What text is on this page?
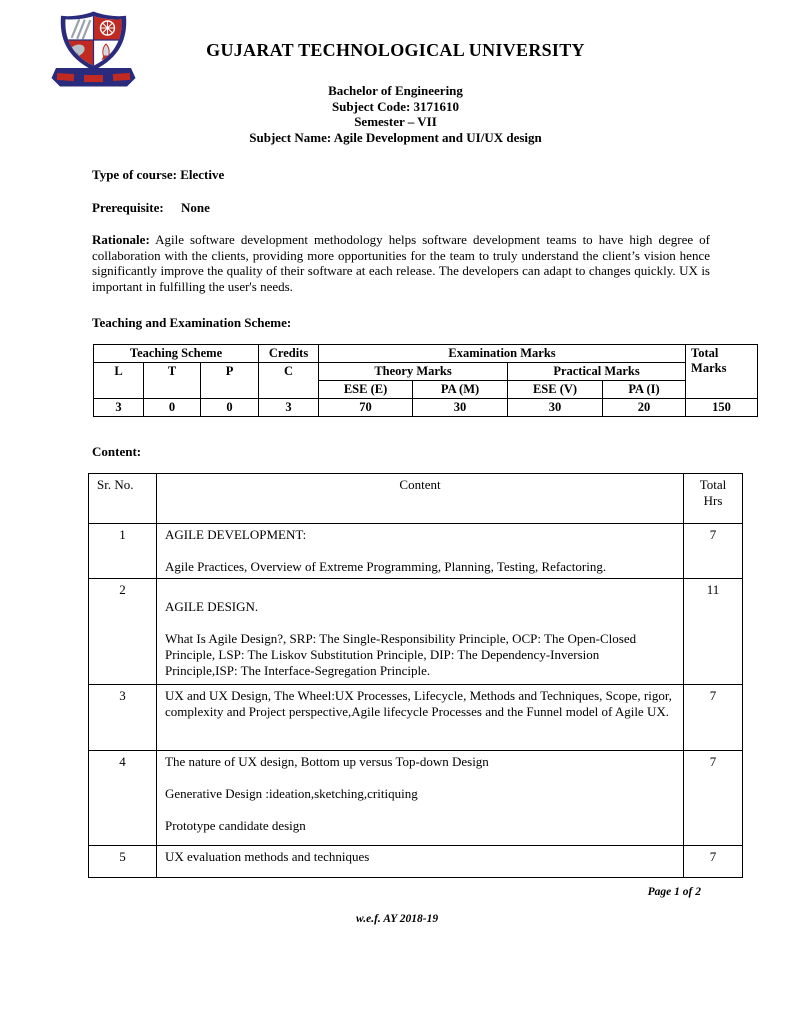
GUJARAT TECHNOLOGICAL UNIVERSITY
Bachelor of Engineering
Subject Code: 3171610
Semester – VII
Subject Name: Agile Development and UI/UX design
Type of course: Elective
Prerequisite: None
Rationale: Agile software development methodology helps software development teams to have high degree of collaboration with the clients, providing more opportunities for the team to truly understand the client’s vision hence significantly improve the quality of their software at each release. The developers can adapt to changes quickly. UX is important in fulfilling the user's needs.
Teaching and Examination Scheme:
Teaching Scheme			Credits	Examination Marks				Total Marks
L	T	P	C	Theory Marks		Practical Marks		
				ESE (E)	PA (M)	ESE (V)	PA (I)	
3	0	0	3	70	30	30	20	150
Content:
Sr. No.	Content	Total
Hrs

1	AGILE DEVELOPMENT:

Agile Practices, Overview of Extreme Programming, Planning, Testing, Refactoring.	7
2	AGILE DESIGN.

What Is Agile Design?, SRP: The Single-Responsibility Principle, OCP: The Open-Closed Principle, LSP: The Liskov Substitution Principle, DIP: The Dependency-Inversion Principle,ISP: The Interface-Segregation Principle.	11
3	UX and UX Design, The Wheel:UX Processes, Lifecycle, Methods and Techniques, Scope, rigor, complexity and Project perspective,Agile lifecycle Processes and the Funnel model of Agile UX.	7
4	The nature of UX design, Bottom up versus Top-down Design

Generative Design :ideation,sketching,critiquing

Prototype candidate design	7
5	UX evaluation methods and techniques	7
Page 1 of 2
w.e.f. AY 2018-19
